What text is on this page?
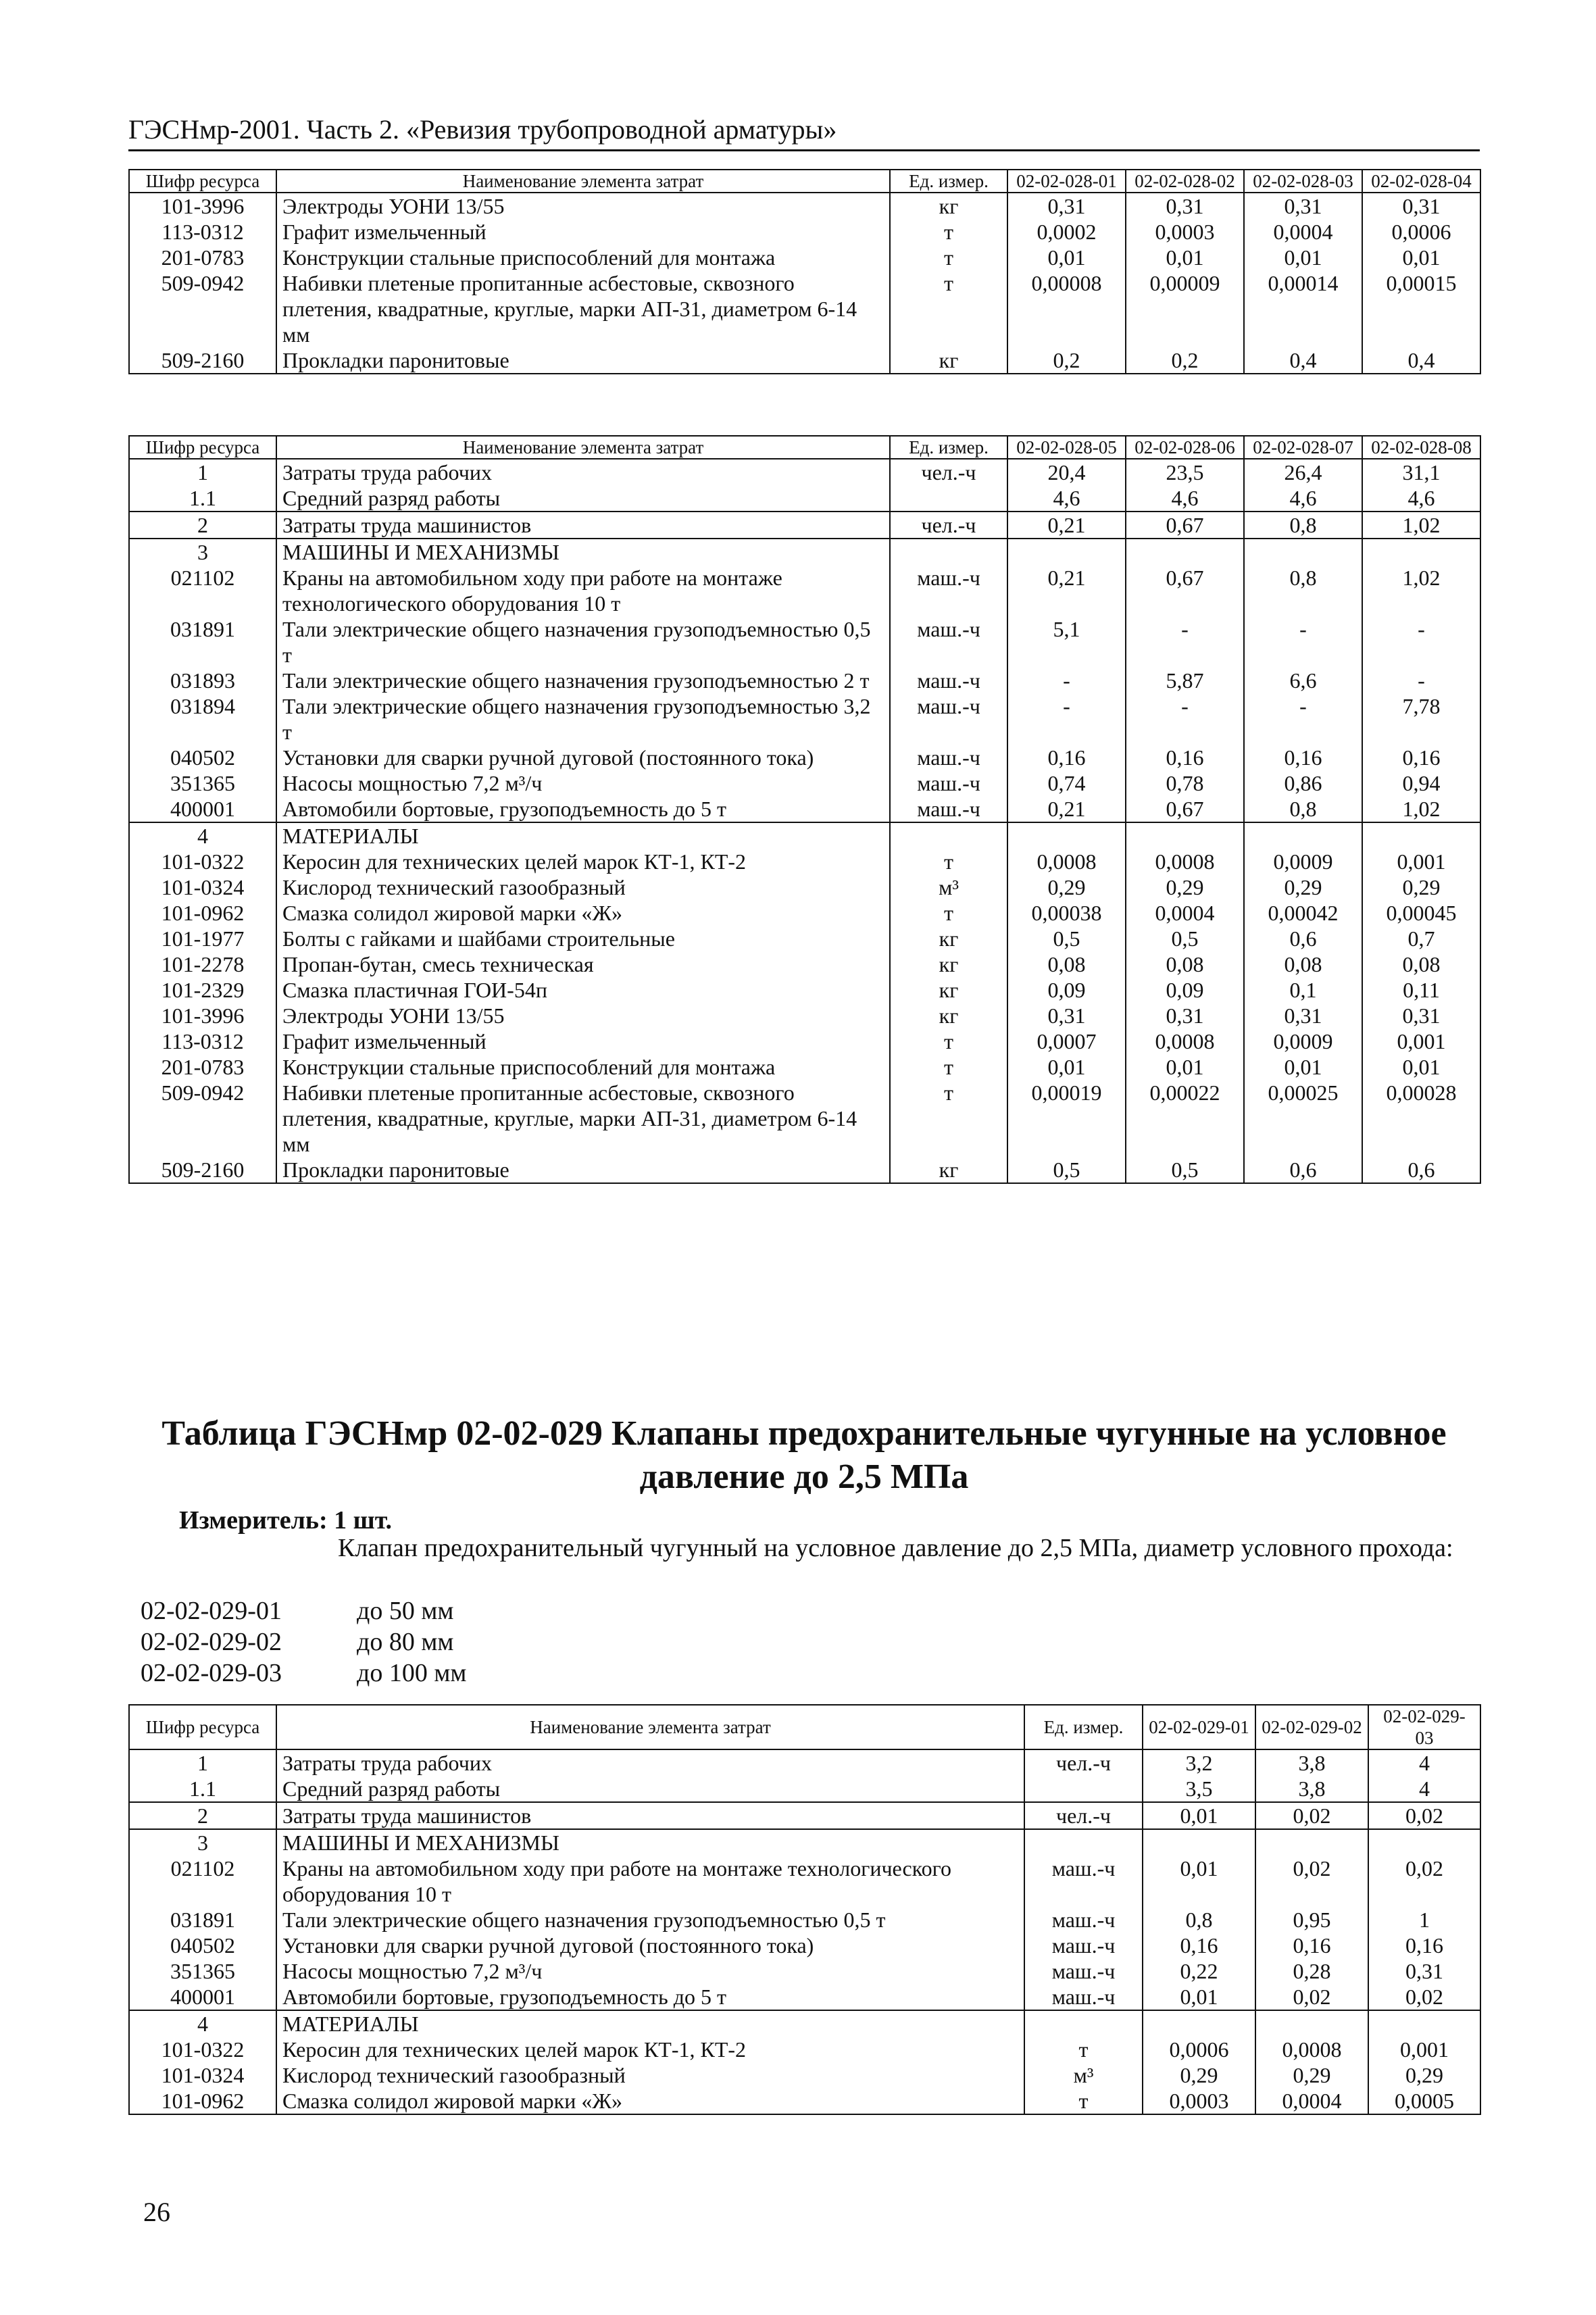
ГЭСНмр-2001. Часть 2. «Ревизия трубопроводной арматуры»
Шифр ресурса	Наименование элемента затрат	Ед. измер.	02-02-028-01	02-02-028-02	02-02-028-03	02-02-028-04
101-3996	Электроды УОНИ 13/55	кг	0,31	0,31	0,31	0,31
113-0312	Графит измельченный	т	0,0002	0,0003	0,0004	0,0006
201-0783	Конструкции стальные приспособлений для монтажа	т	0,01	0,01	0,01	0,01
509-0942	Набивки плетеные пропитанные асбестовые, сквозного плетения, квадратные, круглые, марки АП-31, диаметром 6-14 мм	т	0,00008	0,00009	0,00014	0,00015
509-2160	Прокладки паронитовые	кг	0,2	0,2	0,4	0,4
Шифр ресурса	Наименование элемента затрат	Ед. измер.	02-02-028-05	02-02-028-06	02-02-028-07	02-02-028-08
1	Затраты труда рабочих	чел.-ч	20,4	23,5	26,4	31,1
1.1	Средний разряд работы		4,6	4,6	4,6	4,6
2	Затраты труда машинистов	чел.-ч	0,21	0,67	0,8	1,02
3	МАШИНЫ И МЕХАНИЗМЫ					
021102	Краны на автомобильном ходу при работе на монтаже технологического оборудования 10 т	маш.-ч	0,21	0,67	0,8	1,02
031891	Тали электрические общего назначения грузоподъемностью 0,5 т	маш.-ч	5,1	-	-	-
031893	Тали электрические общего назначения грузоподъемностью 2 т	маш.-ч	-	5,87	6,6	-
031894	Тали электрические общего назначения грузоподъемностью 3,2 т	маш.-ч	-	-	-	7,78
040502	Установки для сварки ручной дуговой (постоянного тока)	маш.-ч	0,16	0,16	0,16	0,16
351365	Насосы мощностью 7,2 м³/ч	маш.-ч	0,74	0,78	0,86	0,94
400001	Автомобили бортовые, грузоподъемность до 5 т	маш.-ч	0,21	0,67	0,8	1,02
4	МАТЕРИАЛЫ					
101-0322	Керосин для технических целей марок КТ-1, КТ-2	т	0,0008	0,0008	0,0009	0,001
101-0324	Кислород технический газообразный	м³	0,29	0,29	0,29	0,29
101-0962	Смазка солидол жировой марки «Ж»	т	0,00038	0,0004	0,00042	0,00045
101-1977	Болты с гайками и шайбами строительные	кг	0,5	0,5	0,6	0,7
101-2278	Пропан-бутан, смесь техническая	кг	0,08	0,08	0,08	0,08
101-2329	Смазка пластичная ГОИ-54п	кг	0,09	0,09	0,1	0,11
101-3996	Электроды УОНИ 13/55	кг	0,31	0,31	0,31	0,31
113-0312	Графит измельченный	т	0,0007	0,0008	0,0009	0,001
201-0783	Конструкции стальные приспособлений для монтажа	т	0,01	0,01	0,01	0,01
509-0942	Набивки плетеные пропитанные асбестовые, сквозного плетения, квадратные, круглые, марки АП-31, диаметром 6-14 мм	т	0,00019	0,00022	0,00025	0,00028
509-2160	Прокладки паронитовые	кг	0,5	0,5	0,6	0,6
Таблица ГЭСНмр 02-02-029 Клапаны предохранительные чугунные на условное давление до 2,5 МПа
Измеритель: 1 шт.
Клапан предохранительный чугунный на условное давление до 2,5 МПа, диаметр условного прохода:
02-02-029-01	до 50 мм
02-02-029-02	до 80 мм
02-02-029-03	до 100 мм
Шифр ресурса	Наименование элемента затрат	Ед. измер.	02-02-029-01	02-02-029-02	02-02-029-03
1	Затраты труда рабочих	чел.-ч	3,2	3,8	4
1.1	Средний разряд работы		3,5	3,8	4
2	Затраты труда машинистов	чел.-ч	0,01	0,02	0,02
3	МАШИНЫ И МЕХАНИЗМЫ				
021102	Краны на автомобильном ходу при работе на монтаже технологического оборудования 10 т	маш.-ч	0,01	0,02	0,02
031891	Тали электрические общего назначения грузоподъемностью 0,5 т	маш.-ч	0,8	0,95	1
040502	Установки для сварки ручной дуговой (постоянного тока)	маш.-ч	0,16	0,16	0,16
351365	Насосы мощностью 7,2 м³/ч	маш.-ч	0,22	0,28	0,31
400001	Автомобили бортовые, грузоподъемность до 5 т	маш.-ч	0,01	0,02	0,02
4	МАТЕРИАЛЫ				
101-0322	Керосин для технических целей марок КТ-1, КТ-2	т	0,0006	0,0008	0,001
101-0324	Кислород технический газообразный	м³	0,29	0,29	0,29
101-0962	Смазка солидол жировой марки «Ж»	т	0,0003	0,0004	0,0005
26
